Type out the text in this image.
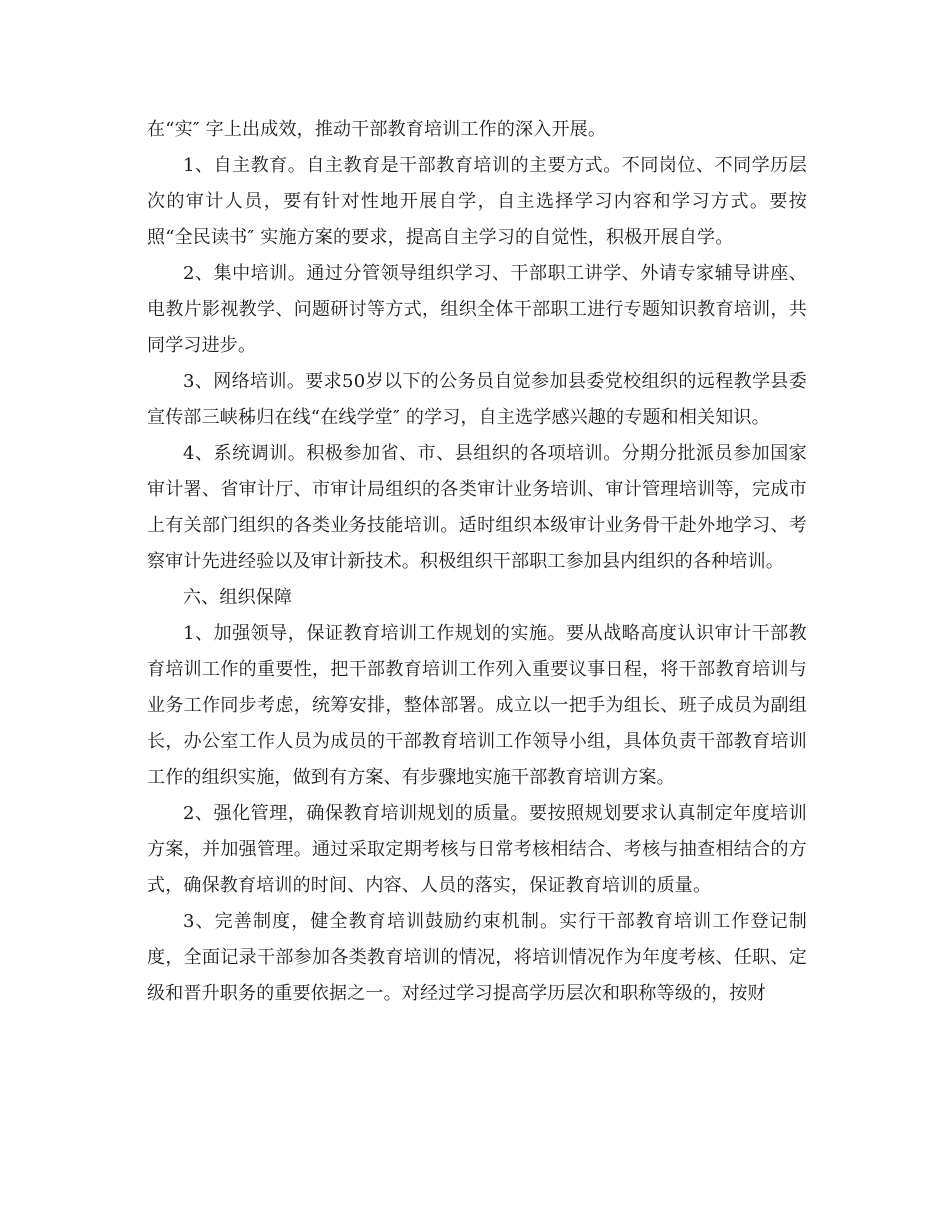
在“实″ 字上出成效，推动干部教育培训工作的深入开展。

1、自主教育。自主教育是干部教育培训的主要方式。不同岗位、不同学历层次的审计人员，要有针对性地开展自学，自主选择学习内容和学习方式。要按照“全民读书″ 实施方案的要求，提高自主学习的自觉性，积极开展自学。

2、集中培训。通过分管领导组织学习、干部职工讲学、外请专家辅导讲座、电教片影视教学、问题研讨等方式，组织全体干部职工进行专题知识教育培训，共同学习进步。

3、网络培训。要求50岁以下的公务员自觉参加县委党校组织的远程教学县委宣传部三峡秭归在线“在线学堂″ 的学习，自主选学感兴趣的专题和相关知识。

4、系统调训。积极参加省、市、县组织的各项培训。分期分批派员参加国家审计署、省审计厅、市审计局组织的各类审计业务培训、审计管理培训等，完成市上有关部门组织的各类业务技能培训。适时组织本级审计业务骨干赴外地学习、考察审计先进经验以及审计新技术。积极组织干部职工参加县内组织的各种培训。

六、组织保障

1、加强领导，保证教育培训工作规划的实施。要从战略高度认识审计干部教育培训工作的重要性，把干部教育培训工作列入重要议事日程，将干部教育培训与业务工作同步考虑，统筹安排，整体部署。成立以一把手为组长、班子成员为副组长，办公室工作人员为成员的干部教育培训工作领导小组，具体负责干部教育培训工作的组织实施，做到有方案、有步骤地实施干部教育培训方案。

2、强化管理，确保教育培训规划的质量。要按照规划要求认真制定年度培训方案，并加强管理。通过采取定期考核与日常考核相结合、考核与抽查相结合的方式，确保教育培训的时间、内容、人员的落实，保证教育培训的质量。

3、完善制度，健全教育培训鼓励约束机制。实行干部教育培训工作登记制度，全面记录干部参加各类教育培训的情况，将培训情况作为年度考核、任职、定级和晋升职务的重要依据之一。对经过学习提高学历层次和职称等级的，按财
